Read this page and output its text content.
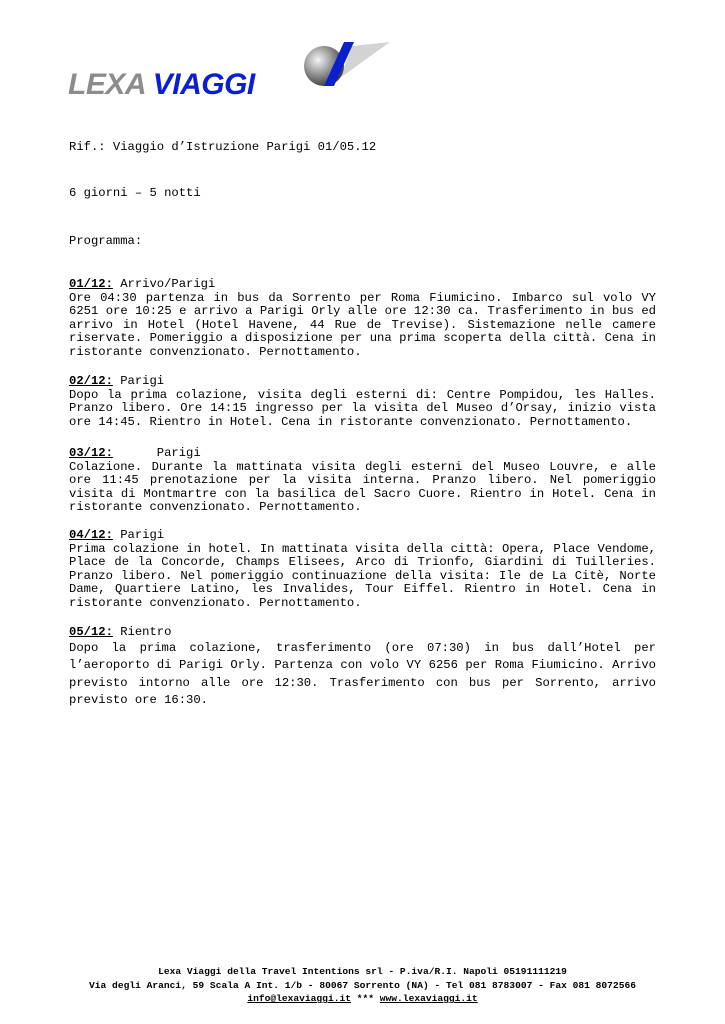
LEXA VIAGGI
Rif.: Viaggio d’Istruzione Parigi 01/05.12
6 giorni – 5 notti
Programma:
01/12: Arrivo/Parigi
Ore 04:30 partenza in bus da Sorrento per Roma Fiumicino. Imbarco sul volo VY 6251 ore 10:25 e arrivo a Parigi Orly alle ore 12:30 ca. Trasferimento in bus ed arrivo in Hotel (Hotel Havene, 44 Rue de Trevise). Sistemazione nelle camere riservate. Pomeriggio a disposizione per una prima scoperta della città. Cena in ristorante convenzionato. Pernottamento.
02/12: Parigi
Dopo la prima colazione, visita degli esterni di: Centre Pompidou, les Halles. Pranzo libero. Ore 14:15 ingresso per la visita del Museo d’Orsay, inizio vista ore 14:45. Rientro in Hotel. Cena in ristorante convenzionato. Pernottamento.
03/12:	Parigi
Colazione. Durante la mattinata visita degli esterni del Museo Louvre, e alle ore 11:45 prenotazione per la visita interna. Pranzo libero. Nel pomeriggio visita di Montmartre con la basilica del Sacro Cuore. Rientro in Hotel. Cena in ristorante convenzionato. Pernottamento.
04/12: Parigi
Prima colazione in hotel. In mattinata visita della città: Opera, Place Vendome, Place de la Concorde, Champs Elisees, Arco di Trionfo, Giardini di Tuilleries. Pranzo libero. Nel pomeriggio continuazione della visita: Ile de La Citè, Norte Dame, Quartiere Latino, les Invalides, Tour Eiffel. Rientro in Hotel. Cena in ristorante convenzionato. Pernottamento.
05/12: Rientro
Dopo la prima colazione, trasferimento (ore 07:30) in bus dall’Hotel per l’aeroporto di Parigi Orly. Partenza con volo VY 6256 per Roma Fiumicino. Arrivo previsto intorno alle ore 12:30. Trasferimento con bus per Sorrento, arrivo previsto ore 16:30.
Lexa Viaggi della Travel Intentions srl - P.iva/R.I. Napoli 05191111219
Via degli Aranci, 59 Scala A Int. 1/b - 80067 Sorrento (NA) - Tel 081 8783007 - Fax 081 8072566
info@lexaviaggi.it *** www.lexaviaggi.it
